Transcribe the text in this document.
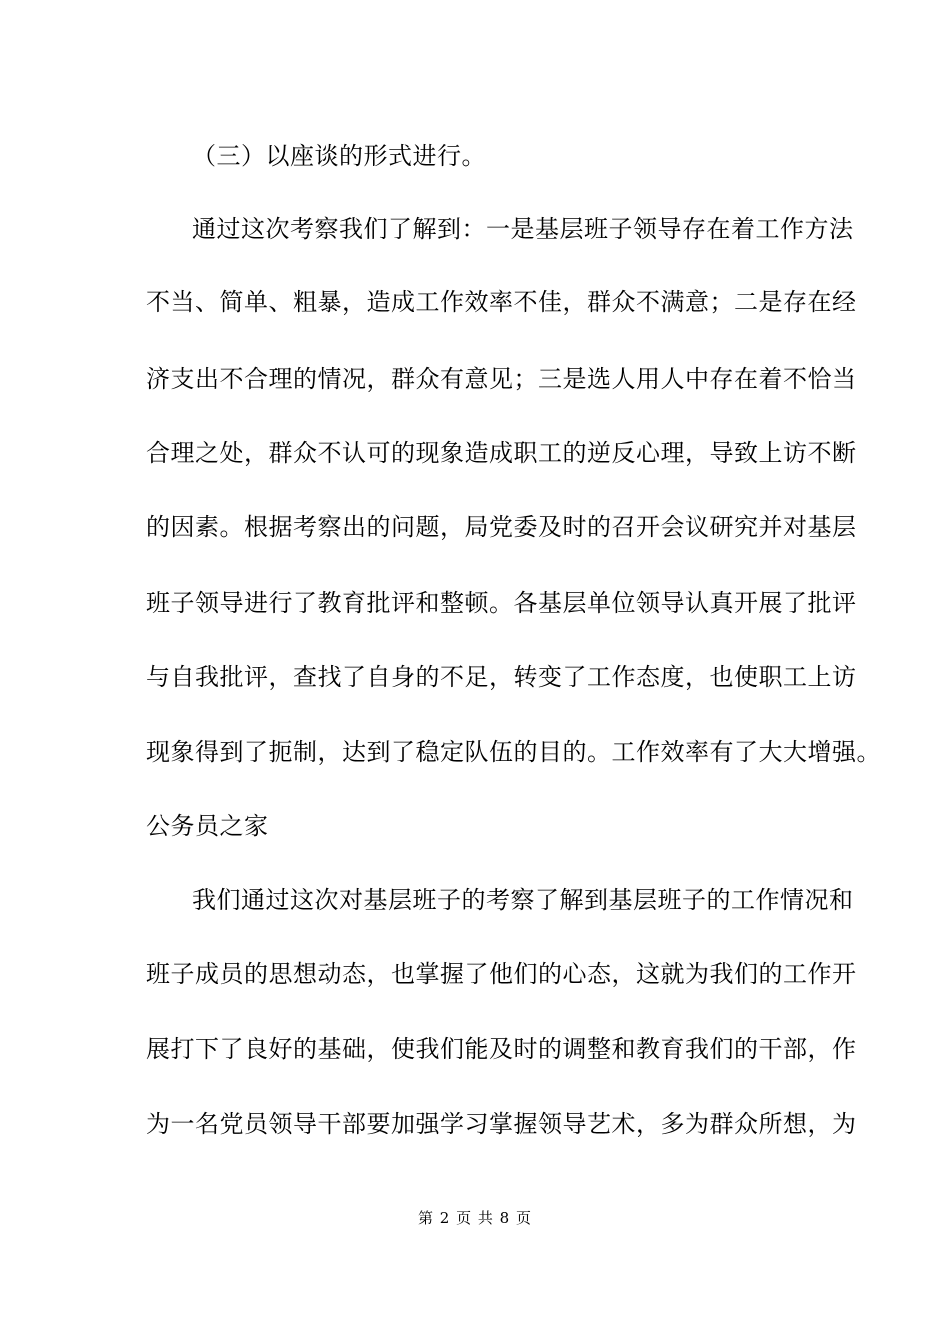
（三）以座谈的形式进行。
通过这次考察我们了解到：一是基层班子领导存在着工作方法
不当、简单、粗暴，造成工作效率不佳，群众不满意；二是存在经
济支出不合理的情况，群众有意见；三是选人用人中存在着不恰当
合理之处，群众不认可的现象造成职工的逆反心理，导致上访不断
的因素。根据考察出的问题，局党委及时的召开会议研究并对基层
班子领导进行了教育批评和整顿。各基层单位领导认真开展了批评
与自我批评，查找了自身的不足，转变了工作态度，也使职工上访
现象得到了扼制，达到了稳定队伍的目的。工作效率有了大大增强。
公务员之家
我们通过这次对基层班子的考察了解到基层班子的工作情况和
班子成员的思想动态，也掌握了他们的心态，这就为我们的工作开
展打下了良好的基础，使我们能及时的调整和教育我们的干部，作
为一名党员领导干部要加强学习掌握领导艺术，多为群众所想，为
第 2 页 共 8 页
